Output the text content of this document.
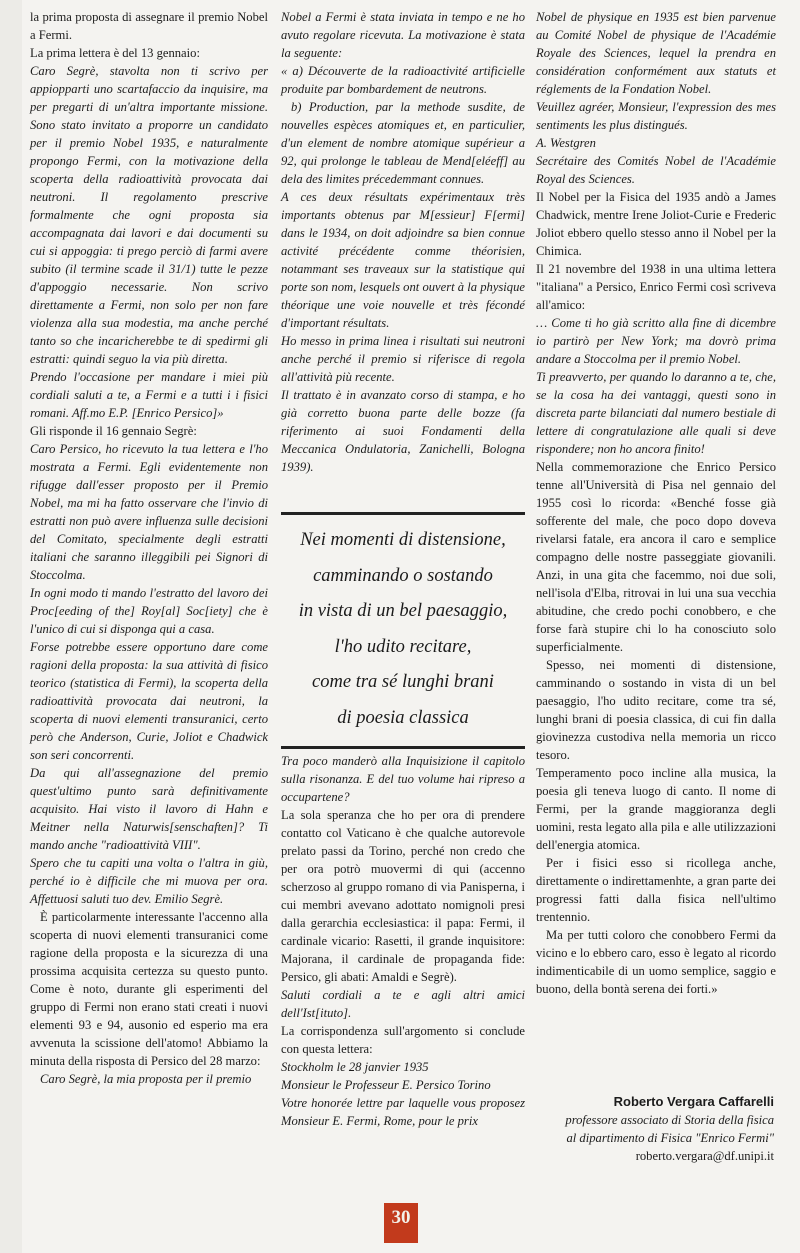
la prima proposta di assegnare il premio Nobel a Fermi.

La prima lettera è del 13 gennaio:

Caro Segrè, stavolta non ti scrivo per appiopparti uno scartafaccio da inquisire, ma per pregarti di un'altra importante missione. Sono stato invitato a proporre un candidato per il premio Nobel 1935, e naturalmente propongo Fermi, con la motivazione della scoperta della radioattività provocata dai neutroni. Il regolamento prescrive formalmente che ogni proposta sia accompagnata dai lavori e dai documenti su cui si appoggia: ti prego perciò di farmi avere subito (il termine scade il 31/1) tutte le pezze d'appoggio necessarie. Non scrivo direttamente a Fermi, non solo per non fare violenza alla sua modestia, ma anche perché tanto so che incaricherebbe te di spedirmi gli estratti: quindi seguo la via più diretta.

Prendo l'occasione per mandare i miei più cordiali saluti a te, a Fermi e a tutti i i fisici romani. Aff.mo E.P. [Enrico Persico]»

Gli risponde il 16 gennaio Segrè:

Caro Persico, ho ricevuto la tua lettera e l'ho mostrata a Fermi. Egli evidentemente non rifugge dall'esser proposto per il Premio Nobel, ma mi ha fatto osservare che l'invio di estratti non può avere influenza sulle decisioni del Comitato, specialmente degli estratti italiani che saranno illeggibili pei Signori di Stoccolma.

In ogni modo ti mando l'estratto del lavoro dei Proc[eeding of the] Roy[al] Soc[iety] che è l'unico di cui si disponga qui a casa.

Forse potrebbe essere opportuno dare come ragioni della proposta: la sua attività di fisico teorico (statistica di Fermi), la scoperta della radioattività provocata dai neutroni, la scoperta di nuovi elementi transuranici, certo però che Anderson, Curie, Joliot e Chadwick son seri concorrenti.

Da qui all'assegnazione del premio quest'ultimo punto sarà definitivamente acquisito. Hai visto il lavoro di Hahn e Meitner nella Naturwis[senschaften]? Ti mando anche "radioattività VIII".

Spero che tu capiti una volta o l'altra in giù, perché io è difficile che mi muova per ora. Affettuosi saluti tuo dev. Emilio Segrè.

È particolarmente interessante l'accenno alla scoperta di nuovi elementi transuranici come ragione della proposta e la sicurezza di una prossima acquisita certezza su questo punto. Come è noto, durante gli esperimenti del gruppo di Fermi non erano stati creati i nuovi elementi 93 e 94, ausonio ed esperio ma era avvenuta la scissione dell'atomo! Abbiamo la minuta della risposta di Persico del 28 marzo:

Caro Segrè, la mia proposta per il premio

Nobel a Fermi è stata inviata in tempo e ne ho avuto regolare ricevuta. La motivazione è stata la seguente:

« a) Découverte de la radioactivité artificielle produite par bombardement de neutrons.

b) Production, par la methode susdite, de nouvelles espèces atomiques et, en particulier, d'un element de nombre atomique supérieur a 92, qui prolonge le tableau de Mend[eléeff] au dela des limites précedemmant connues.

A ces deux résultats expérimentaux très importants obtenus par M[essieur] F[ermi] dans le 1934, on doit adjoindre sa bien connue activité précédente comme théorisien, notammant ses traveaux sur la statistique qui porte son nom, lesquels ont ouvert à la physique théorique une voie nouvelle et très fécondé d'important résultats.

Ho messo in prima linea i risultati sui neutroni anche perché il premio si riferisce di regola all'attività più recente.

Il trattato è in avanzato corso di stampa, e ho già corretto buona parte delle bozze (fa riferimento ai suoi Fondamenti della Meccanica Ondulatoria, Zanichelli, Bologna 1939).

Nei momenti di distensione,
camminando o sostando
in vista di un bel paesaggio,
l'ho udito recitare,
come tra sé lunghi brani
di poesia classica

Tra poco manderò alla Inquisizione il capitolo sulla risonanza. E del tuo volume hai ripreso a occupartene?

La sola speranza che ho per ora di prendere contatto col Vaticano è che qualche autorevole prelato passi da Torino, perché non credo che per ora potrò muovermi di qui (accenno scherzoso al gruppo romano di via Panisperna, i cui membri avevano adottato nomignoli presi dalla gerarchia ecclesiastica: il papa: Fermi, il cardinale vicario: Rasetti, il grande inquisitore: Majorana, il cardinale de propaganda fide: Persico, gli abati: Amaldi e Segrè).

Saluti cordiali a te e agli altri amici dell'Ist[ituto].

La corrispondenza sull'argomento si conclude con questa lettera:

Stockholm le 28 janvier 1935

Monsieur le Professeur E. Persico Torino

Votre honorée lettre par laquelle vous proposez Monsieur E. Fermi, Rome, pour le prix

Nobel de physique en 1935 est bien parvenue au Comité Nobel de physique de l'Académie Royale des Sciences, lequel la prendra en considération conformément aux statuts et réglements de la Fondation Nobel.

Veuillez agréer, Monsieur, l'expression des mes sentiments les plus distingués.

A. Westgren

Secrétaire des Comités Nobel de l'Académie Royal des Sciences.

Il Nobel per la Fisica del 1935 andò a James Chadwick, mentre Irene Joliot-Curie e Frederic Joliot ebbero quello stesso anno il Nobel per la Chimica.

Il 21 novembre del 1938 in una ultima lettera "italiana" a Persico, Enrico Fermi così scriveva all'amico:

… Come ti ho già scritto alla fine di dicembre io partirò per New York; ma dovrò prima andare a Stoccolma per il premio Nobel.

Ti preavverto, per quando lo daranno a te, che, se la cosa ha dei vantaggi, questi sono in discreta parte bilanciati dal numero bestiale di lettere di congratulazione alle quali si deve rispondere; non ho ancora finito!

Nella commemorazione che Enrico Persico tenne all'Università di Pisa nel gennaio del 1955 così lo ricorda: «Benché fosse già sofferente del male, che poco dopo doveva rivelarsi fatale, era ancora il caro e semplice compagno delle nostre passeggiate giovanili. Anzi, in una gita che facemmo, noi due soli, nell'isola d'Elba, ritrovai in lui una sua vecchia abitudine, che credo pochi conobbero, e che forse farà stupire chi lo ha conosciuto solo superficialmente.

Spesso, nei momenti di distensione, camminando o sostando in vista di un bel paesaggio, l'ho udito recitare, come tra sé, lunghi brani di poesia classica, di cui fin dalla giovinezza custodiva nella memoria un ricco tesoro.

Temperamento poco incline alla musica, la poesia gli teneva luogo di canto. Il nome di Fermi, per la grande maggioranza degli uomini, resta legato alla pila e alle utilizzazioni dell'energia atomica.

Per i fisici esso si ricollega anche, direttamente o indirettamenhte, a gran parte dei progressi fatti dalla fisica nell'ultimo trentennio.

Ma per tutti coloro che conobbero Fermi da vicino e lo ebbero caro, esso è legato al ricordo indimenticabile di un uomo semplice, saggio e buono, della bontà serena dei forti.»

Roberto Vergara Caffarelli
professore associato di Storia della fisica
al dipartimento di Fisica "Enrico Fermi"
roberto.vergara@df.unipi.it
30
